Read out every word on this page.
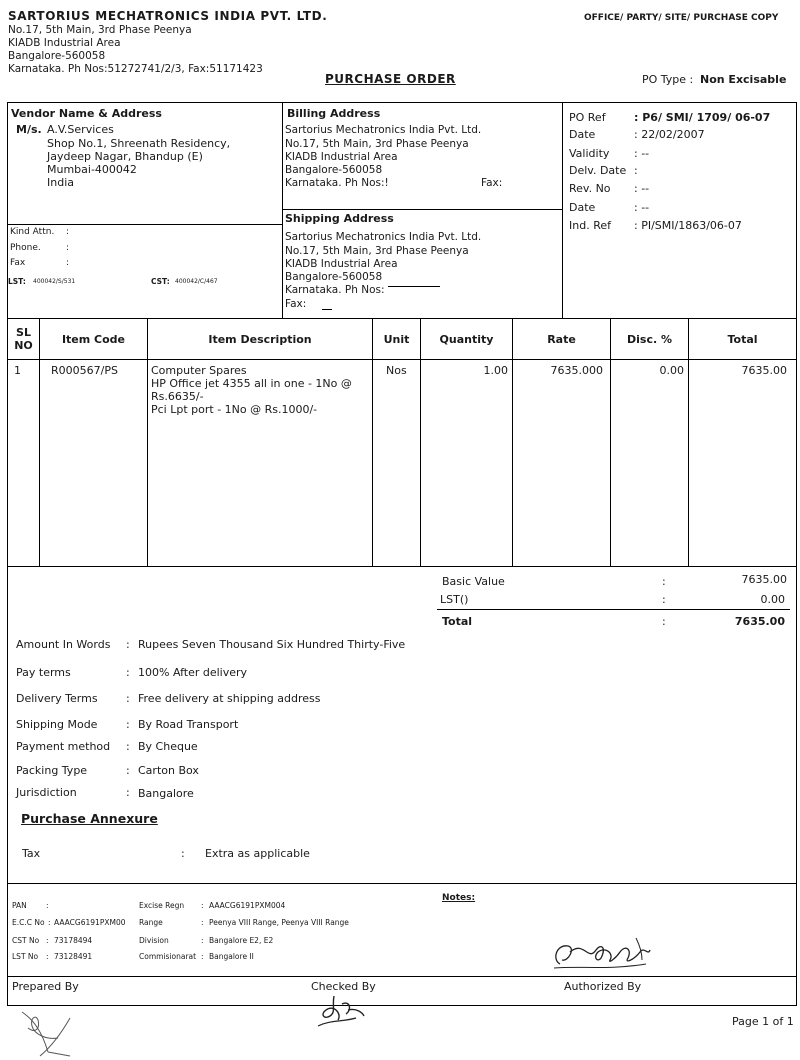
SARTORIUS MECHATRONICS INDIA PVT. LTD.
No.17, 5th Main, 3rd Phase Peenya
KIADB Industrial Area
Bangalore-560058
Karnataka. Ph Nos:51272741/2/3, Fax:51171423
OFFICE/ PARTY/ SITE/ PURCHASE COPY
PURCHASE ORDER	PO Type : Non Excisable
Vendor Name & Address
M/s. A.V.Services
Shop No.1, Shreenath Residency,
Jaydeep Nagar, Bhandup (E)
Mumbai-400042
India
Kind Attn. :
Phone.	:
Fax	:
LST: 400042/S/531	CST: 400042/C/467
Billing Address
Sartorius Mechatronics India Pvt. Ltd.
No.17, 5th Main, 3rd Phase Peenya
KIADB Industrial Area
Bangalore-560058
Karnataka. Ph Nos:!	Fax:
Shipping Address
Sartorius Mechatronics India Pvt. Ltd.
No.17, 5th Main, 3rd Phase Peenya
KIADB Industrial Area
Bangalore-560058
Karnataka. Ph Nos:
Fax:
PO Ref	: P6/ SMI/ 1709/ 06-07
Date	: 22/02/2007
Validity : --
Delv. Date :
Rev. No : --
Date	: --
Ind. Ref : PI/SMI/1863/06-07
SL
NO	Item Code	Item Description	Unit	Quantity	Rate	Disc. %	Total
1	R000567/PS	Computer Spares
HP Office jet 4355 all in one - 1No @
Rs.6635/-
Pci Lpt port - 1No @ Rs.1000/-
Nos	1.00	7635.000	0.00	7635.00
Basic Value	:	7635.00
LST()	:	0.00
Total	:	7635.00
Amount In Words : Rupees Seven Thousand Six Hundred Thirty-Five
Pay terms	: 100% After delivery
Delivery Terms	: Free delivery at shipping address
Shipping Mode	: By Road Transport
Payment method : By Cheque
Packing Type	: Carton Box
Jurisdiction	: Bangalore
Purchase Annexure
Tax	: Extra as applicable
PAN	:
E.C.C No : AAACG6191PXM00
CST No : 73178494
LST No : 73128491
Excise Regn : AAACG6191PXM004
Range	: Peenya VIII Range, Peenya VIII Range
Division	: Bangalore E2, E2
Commisionarat : Bangalore II
Notes:
Prepared By	Checked By	Authorized By
Page 1 of 1
